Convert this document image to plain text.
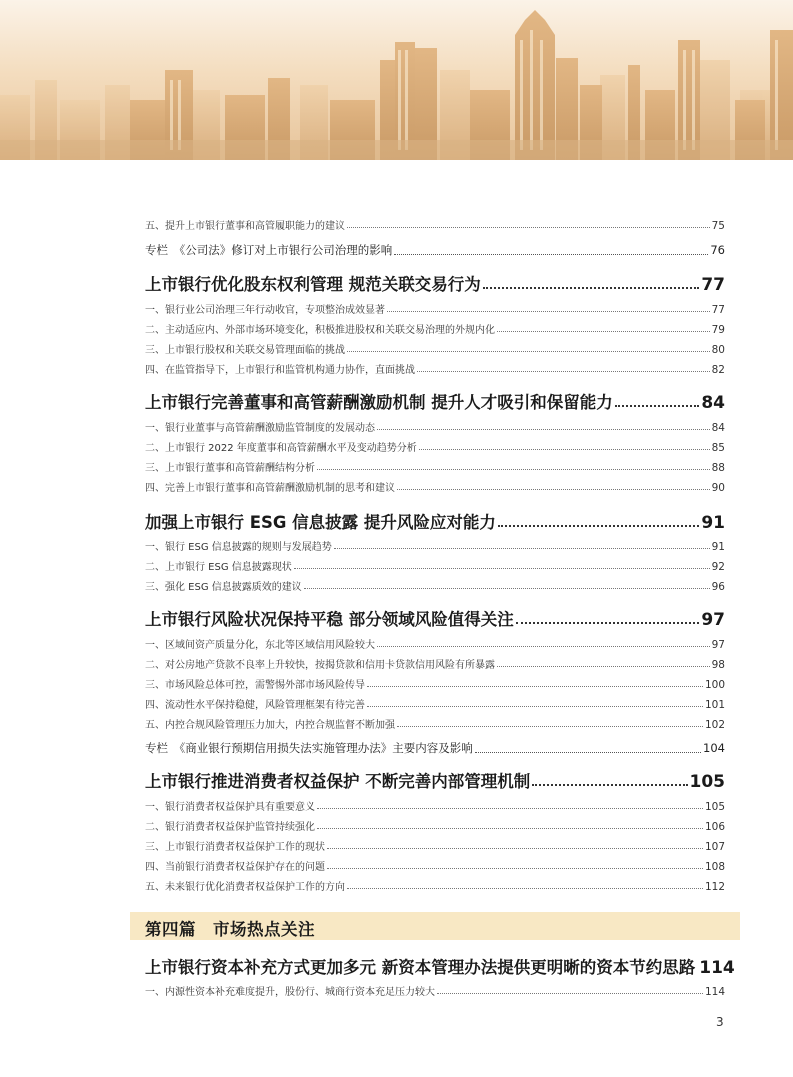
五、提升上市银行董事和高管履职能力的建议	75
专栏　《公司法》修订对上市银行公司治理的影响	76
上市银行优化股东权利管理 规范关联交易行为	77
一、银行业公司治理三年行动收官，专项整治成效显著	77
二、主动适应内、外部市场环境变化，积极推进股权和关联交易治理的外规内化	79
三、上市银行股权和关联交易管理面临的挑战	80
四、在监管指导下，上市银行和监管机构通力协作，直面挑战	82
上市银行完善董事和高管薪酬激励机制 提升人才吸引和保留能力	84
一、银行业董事与高管薪酬激励监管制度的发展动态	84
二、上市银行 2022 年度董事和高管薪酬水平及变动趋势分析	85
三、上市银行董事和高管薪酬结构分析	88
四、完善上市银行董事和高管薪酬激励机制的思考和建议	90
加强上市银行 ESG 信息披露 提升风险应对能力	91
一、银行 ESG 信息披露的规则与发展趋势	91
二、上市银行 ESG 信息披露现状	92
三、强化 ESG 信息披露质效的建议	96
上市银行风险状况保持平稳 部分领域风险值得关注	97
一、区域间资产质量分化，东北等区域信用风险较大	97
二、对公房地产贷款不良率上升较快，按揭贷款和信用卡贷款信用风险有所暴露	98
三、市场风险总体可控，需警惕外部市场风险传导	100
四、流动性水平保持稳健，风险管理框架有待完善	101
五、内控合规风险管理压力加大，内控合规监督不断加强	102
专栏　《商业银行预期信用损失法实施管理办法》主要内容及影响	104
上市银行推进消费者权益保护 不断完善内部管理机制	105
一、银行消费者权益保护具有重要意义	105
二、银行消费者权益保护监管持续强化	106
三、上市银行消费者权益保护工作的现状	107
四、当前银行消费者权益保护存在的问题	108
五、未来银行优化消费者权益保护工作的方向	112
上市银行资本补充方式更加多元 新资本管理办法提供更明晰的资本节约思路 114
一、内源性资本补充难度提升，股份行、城商行资本充足压力较大	114
第四篇　市场热点关注
3
